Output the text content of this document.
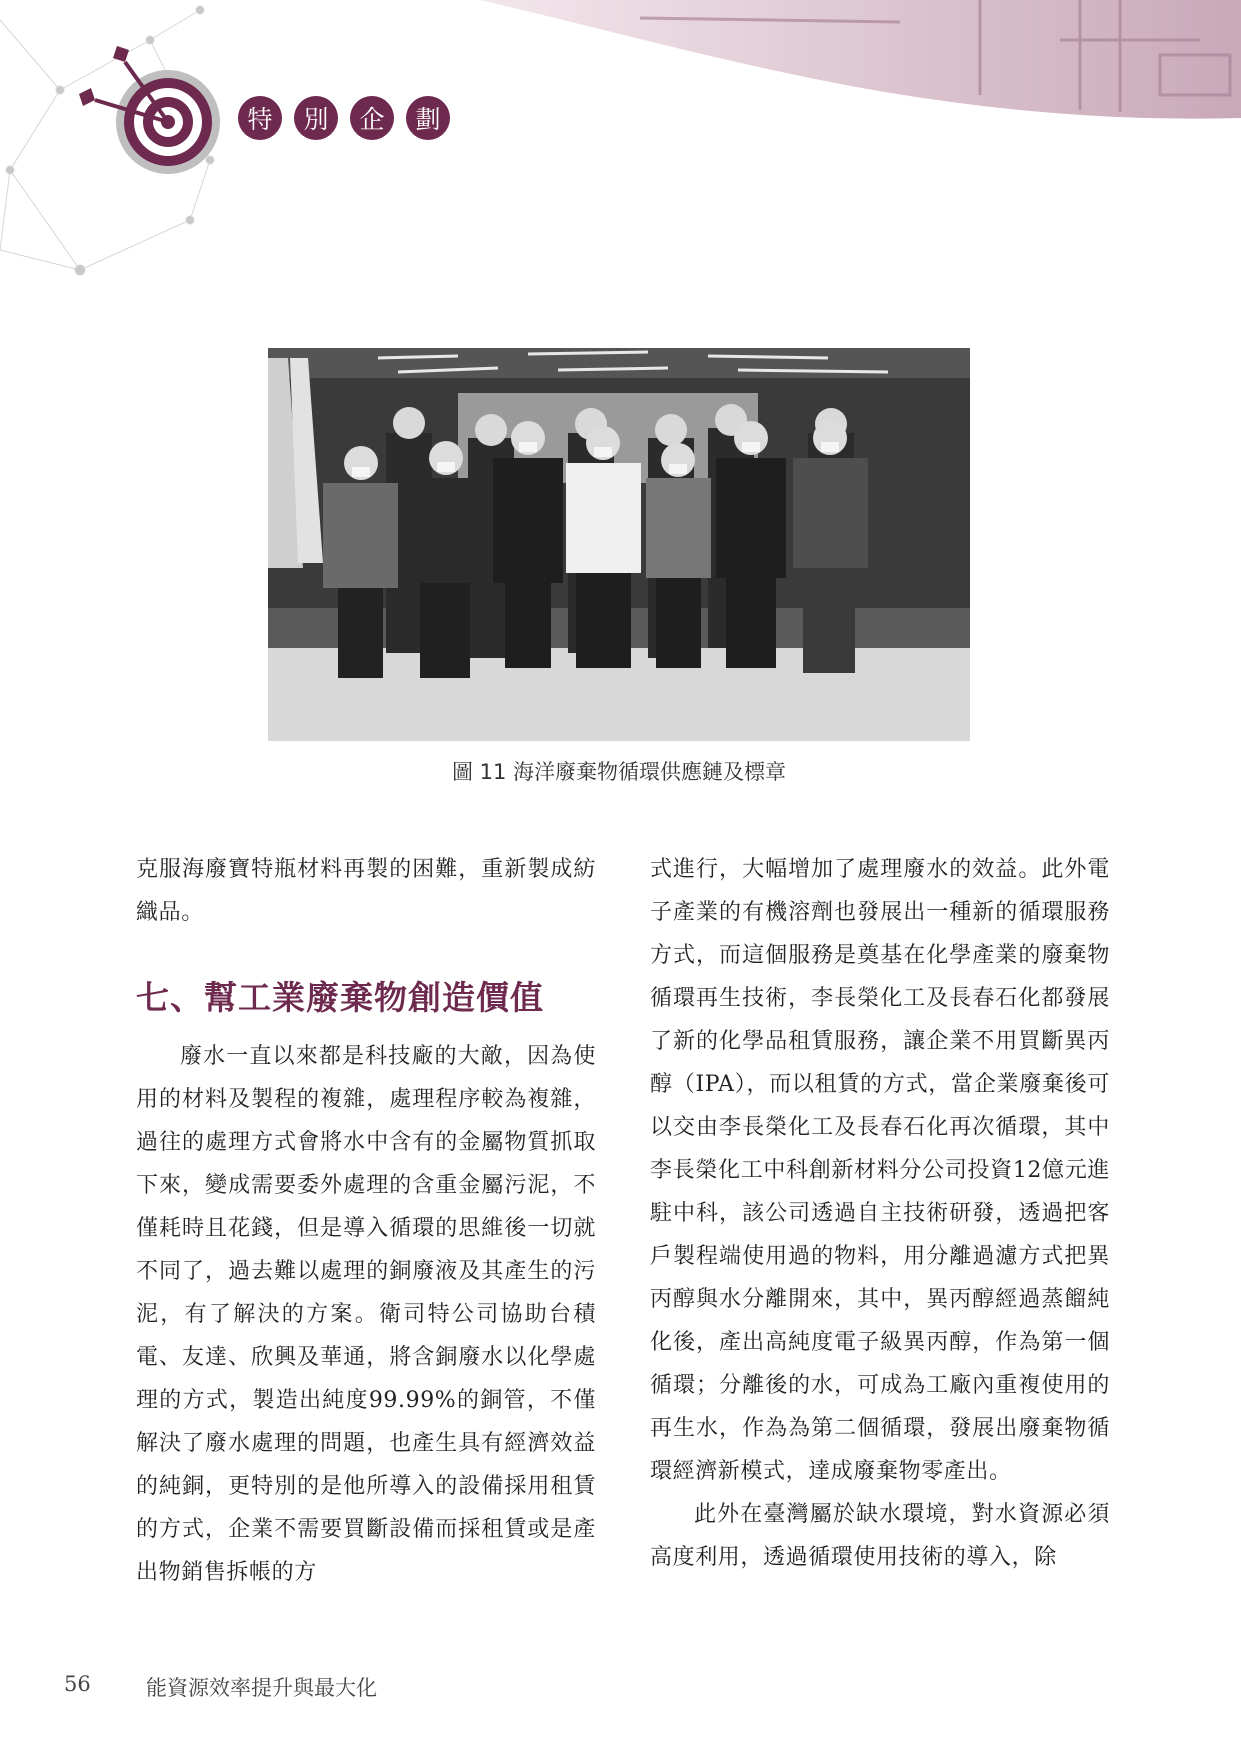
特	別	企	劃
圖 11 海洋廢棄物循環供應鏈及標章

克服海廢寶特瓶材料再製的困難，重新製成紡織品。

七、幫工業廢棄物創造價值

廢水一直以來都是科技廠的大敵，因為使用的材料及製程的複雜，處理程序較為複雜，過往的處理方式會將水中含有的金屬物質抓取下來，變成需要委外處理的含重金屬污泥，不僅耗時且花錢，但是導入循環的思維後一切就不同了，過去難以處理的銅廢液及其產生的污泥，有了解決的方案。衛司特公司協助台積電、友達、欣興及華通，將含銅廢水以化學處理的方式，製造出純度99.99%的銅管，不僅解決了廢水處理的問題，也產生具有經濟效益的純銅，更特別的是他所導入的設備採用租賃的方式，企業不需要買斷設備而採租賃或是產出物銷售拆帳的方

式進行，大幅增加了處理廢水的效益。此外電子產業的有機溶劑也發展出一種新的循環服務方式，而這個服務是奠基在化學產業的廢棄物循環再生技術，李長榮化工及長春石化都發展了新的化學品租賃服務，讓企業不用買斷異丙醇（IPA），而以租賃的方式，當企業廢棄後可以交由李長榮化工及長春石化再次循環，其中李長榮化工中科創新材料分公司投資12億元進駐中科，該公司透過自主技術研發，透過把客戶製程端使用過的物料，用分離過濾方式把異丙醇與水分離開來，其中，異丙醇經過蒸餾純化後，產出高純度電子級異丙醇，作為第一個循環；分離後的水，可成為工廠內重複使用的再生水，作為為第二個循環，發展出廢棄物循環經濟新模式，達成廢棄物零產出。

此外在臺灣屬於缺水環境，對水資源必須高度利用，透過循環使用技術的導入，除

56	能資源效率提升與最大化
